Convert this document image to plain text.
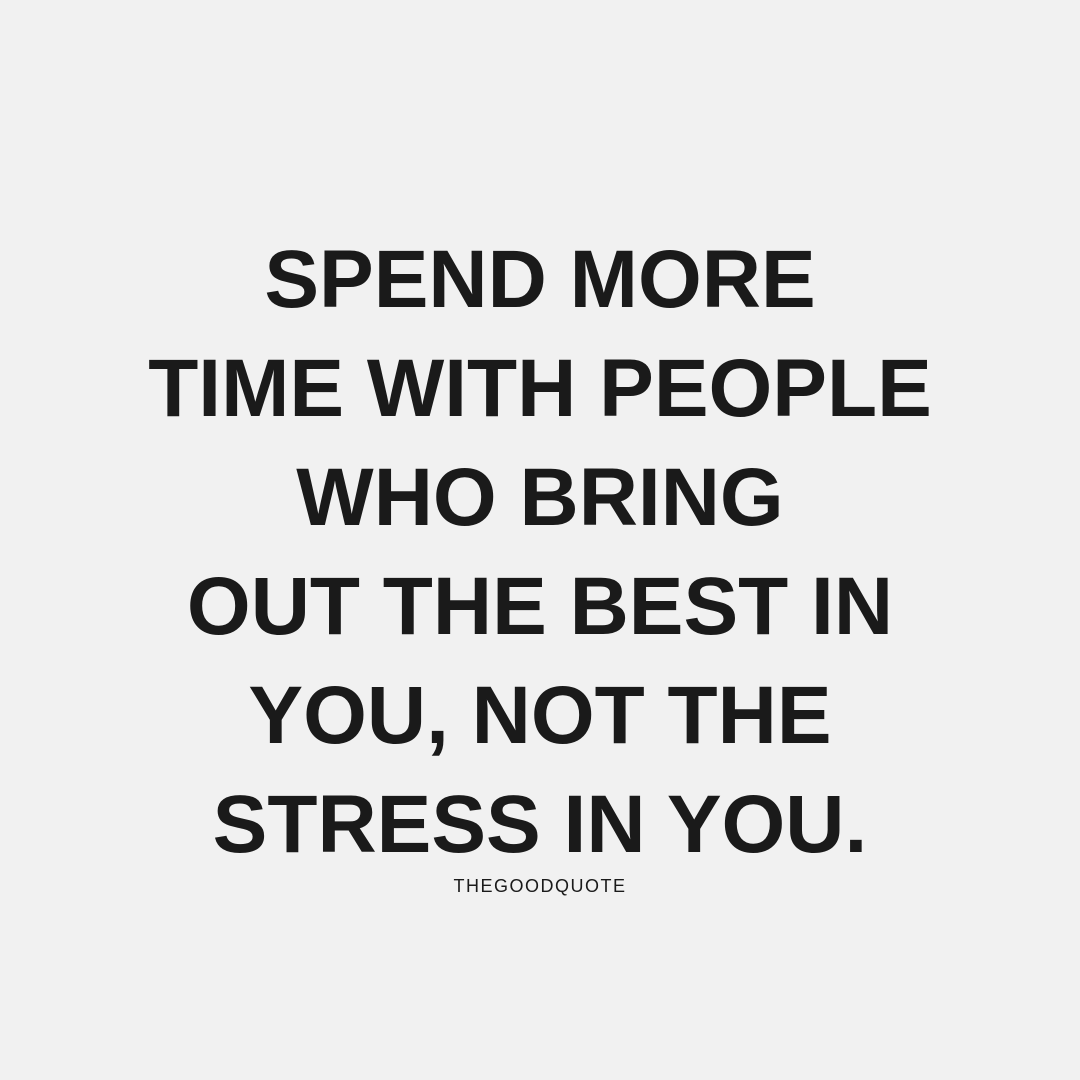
SPEND MORE
TIME WITH PEOPLE
WHO BRING
OUT THE BEST IN
YOU, NOT THE
STRESS IN YOU.
THEGOODQUOTE
